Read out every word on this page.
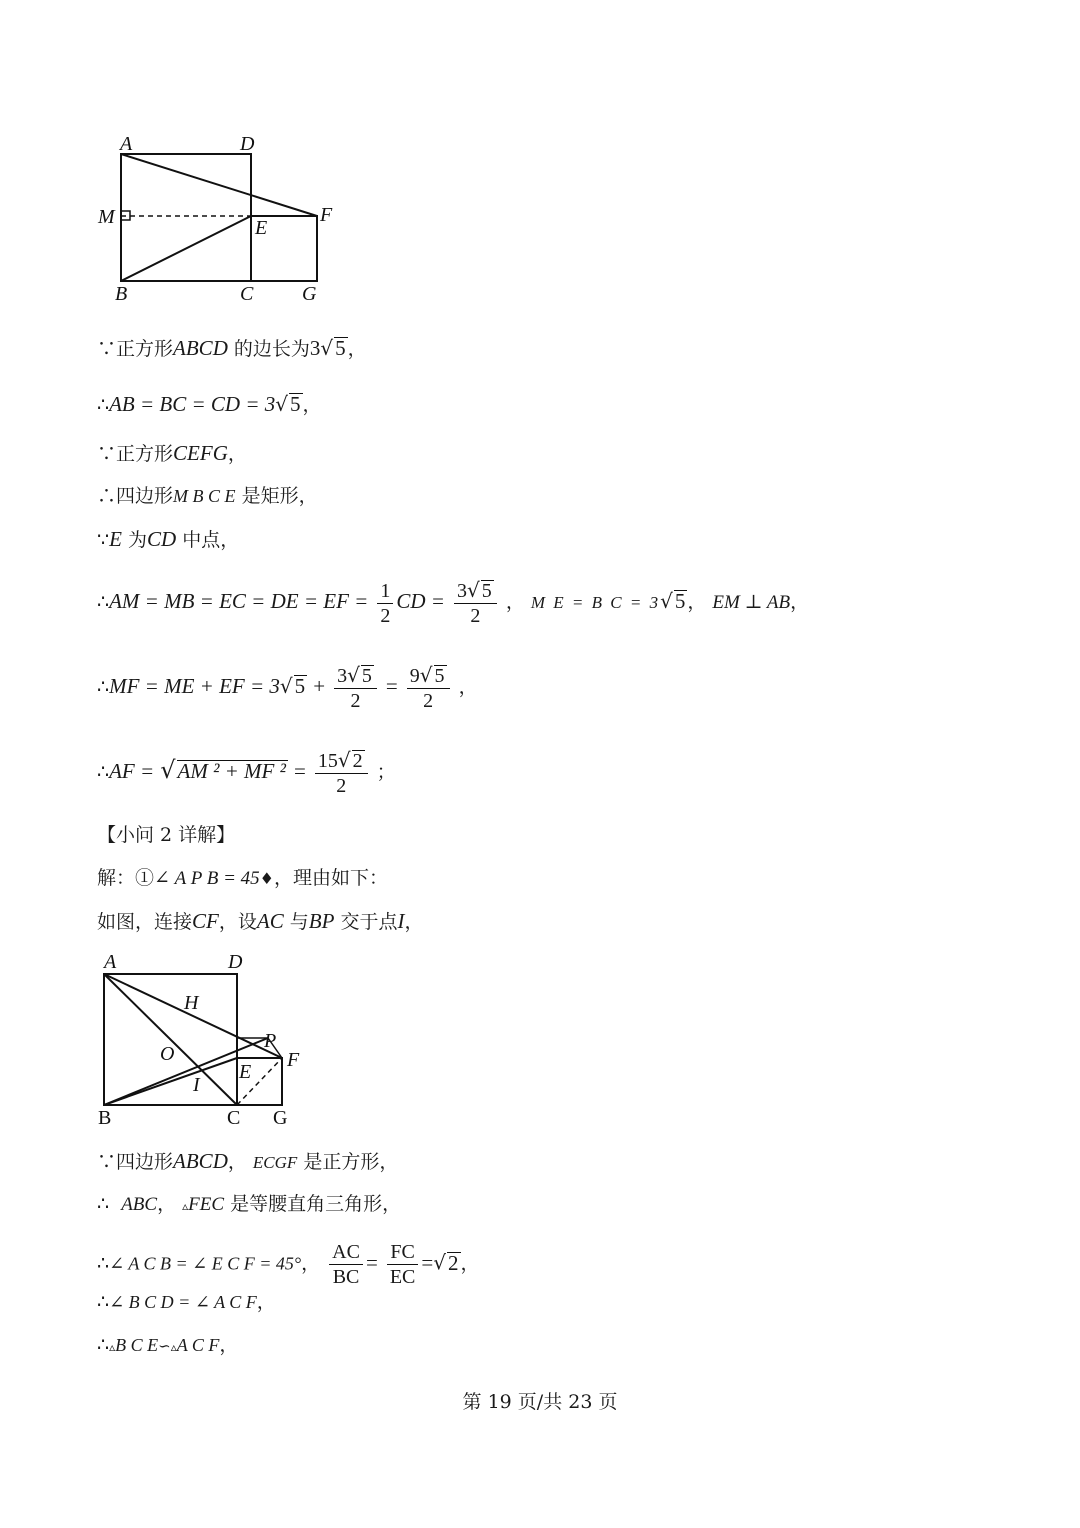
A	D
M	F
E
B	C G
∵正方形ABCD 的边长为3√5 ，
∴AB = BC = CD = 3√5 ，
∵正方形CEFG，
∴四边形M B C E 是矩形，
∵E 为CD 中点，
∴AM = MB = EC = DE = EF = $\frac{1}{2}$ CD = $\frac{3√ 5}{2}$ ， M E = B C = 3√5 ， EM ⊥ AB，
∴MF = ME + EF = $3√5 + \frac{3√ 5}{2} = \frac{9√ 5}{2}$ ，
∴AF = √AM ² + MF $^2 = \frac{15√ 2}{2}$ ；
【小问 2 详解】
解：①∠ A P B = 45♦，理由如下：
如图，连接CF，设AC 与BP 交于点I，
A	D
H
P
F
O
E
I
B	C G
∵四边形ABCD， ECGF 是正方形，
∴ ABC， ▵FEC 是等腰直角三角形，
∴∠ A C B = ∠ E C F = 45°， $\frac{AC}{BC} = \frac{FC}{EC} =√2$ ，
∴∠ B C D = ∠ A C F，
∴▵B C E∽▵A C F，
第 19 页/共 23 页
